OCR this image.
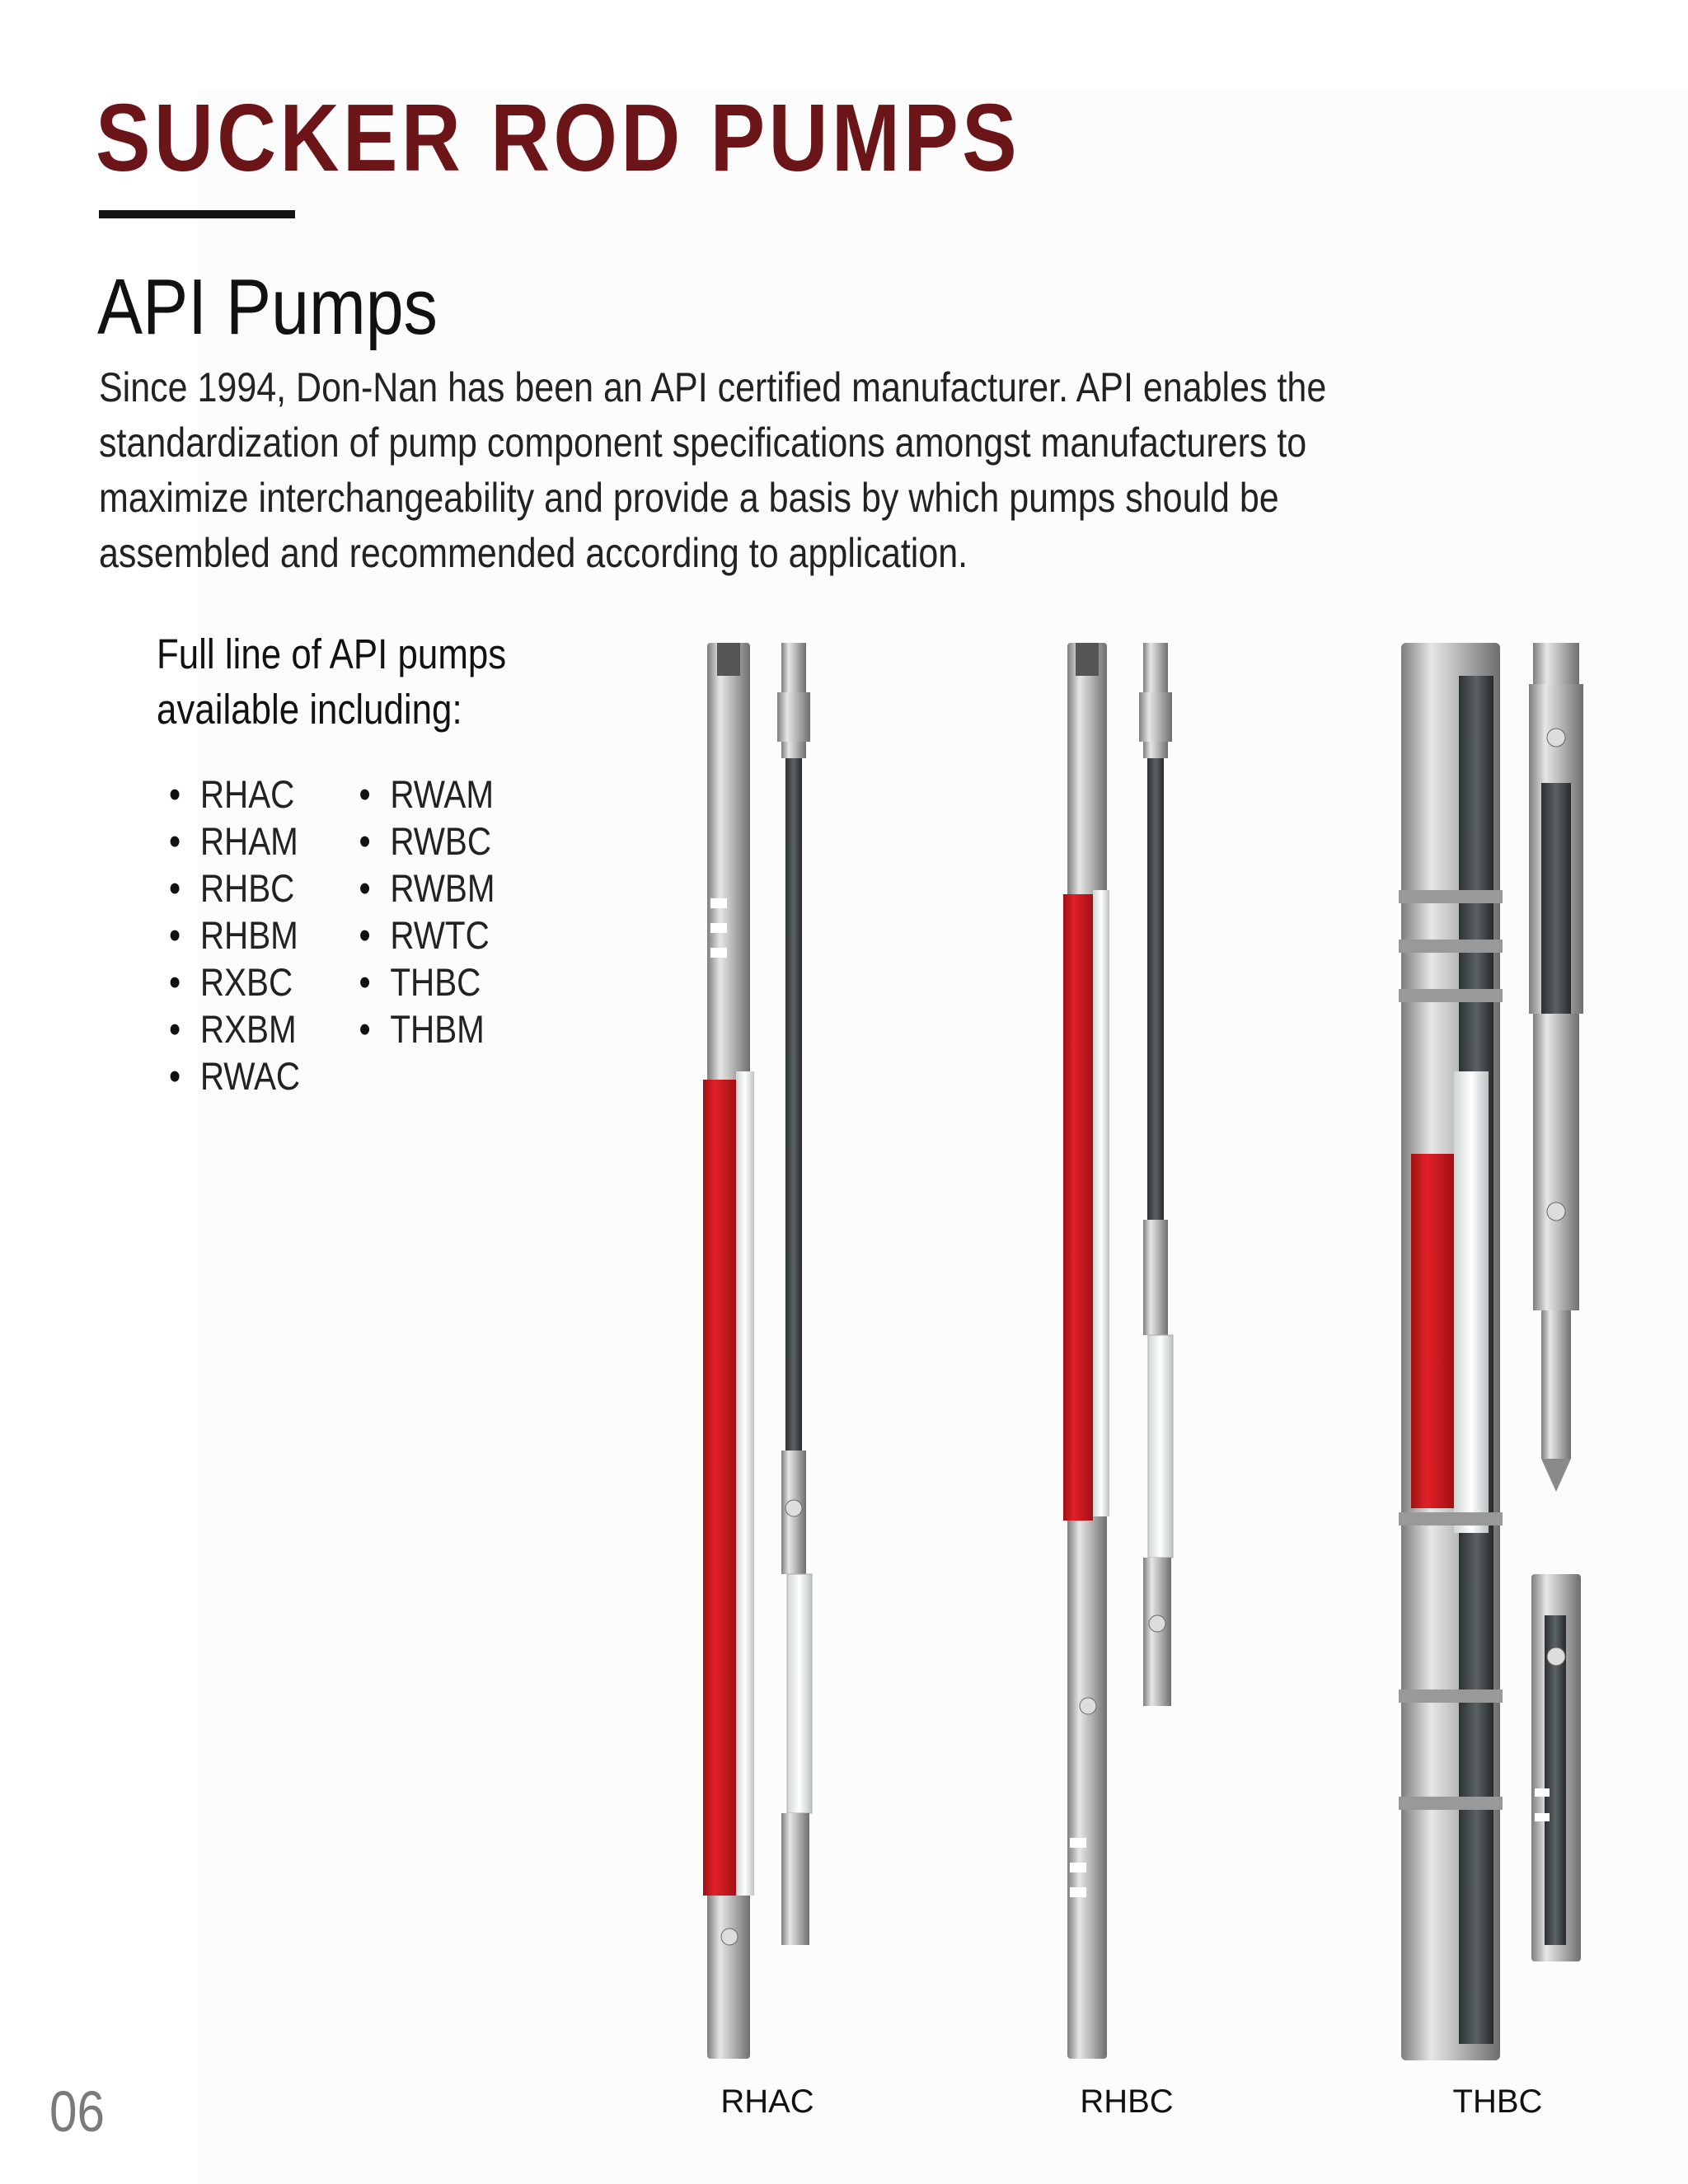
SUCKER ROD PUMPS
API Pumps

Since 1994, Don-Nan has been an API certified manufacturer. API enables the standardization of pump component specifications amongst manufacturers to maximize interchangeability and provide a basis by which pumps should be assembled and recommended according to application.

Full line of API pumps available including:

• RHAC
• RHAM
• RHBC
• RHBM
• RXBC
• RXBM
• RWAC
• RWAM
• RWBC
• RWBM
• RWTC
• THBC
• THBM
RHAC	RHBC	THBC
06
